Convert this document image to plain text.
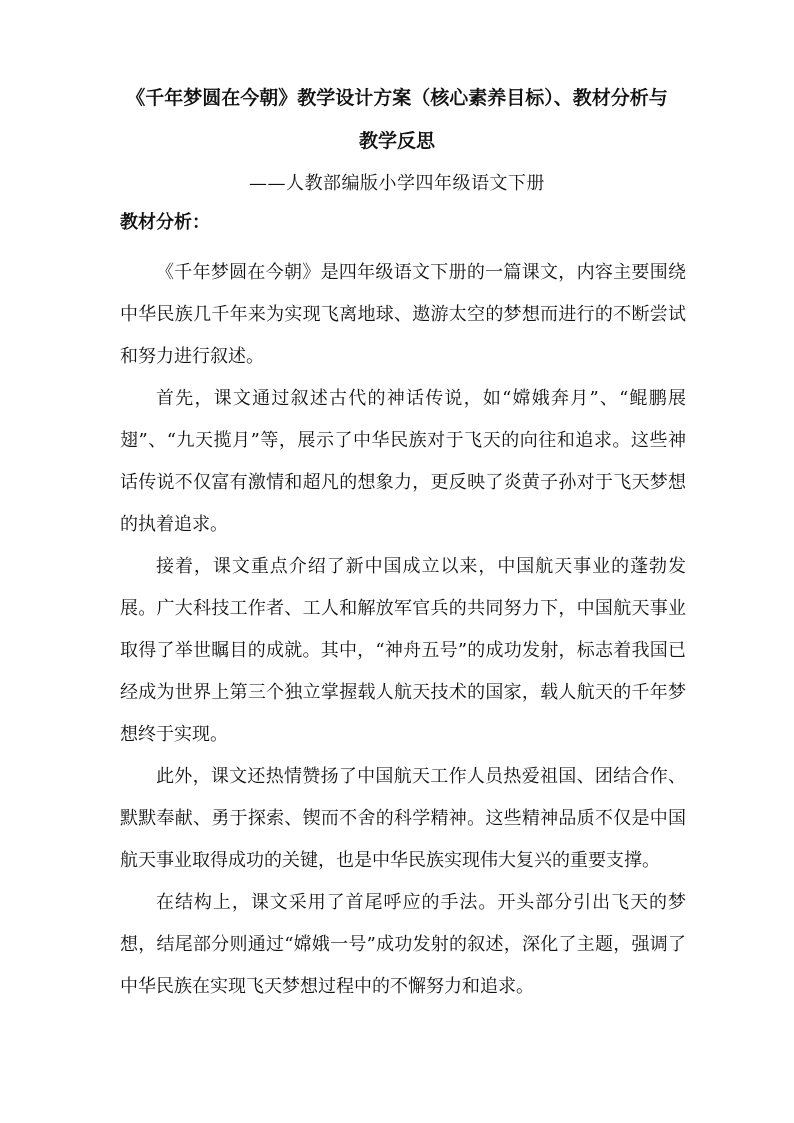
《千年梦圆在今朝》教学设计方案（核心素养目标）、教材分析与
教学反思
——人教部编版小学四年级语文下册
教材分析：

《千年梦圆在今朝》是四年级语文下册的一篇课文，内容主要围绕中华民族几千年来为实现飞离地球、遨游太空的梦想而进行的不断尝试和努力进行叙述。

首先，课文通过叙述古代的神话传说，如“嫦娥奔月”、“鲲鹏展翅”、“九天揽月”等，展示了中华民族对于飞天的向往和追求。这些神话传说不仅富有激情和超凡的想象力，更反映了炎黄子孙对于飞天梦想的执着追求。

接着，课文重点介绍了新中国成立以来，中国航天事业的蓬勃发展。广大科技工作者、工人和解放军官兵的共同努力下，中国航天事业取得了举世瞩目的成就。其中，“神舟五号”的成功发射，标志着我国已经成为世界上第三个独立掌握载人航天技术的国家，载人航天的千年梦想终于实现。

此外，课文还热情赞扬了中国航天工作人员热爱祖国、团结合作、默默奉献、勇于探索、锲而不舍的科学精神。这些精神品质不仅是中国航天事业取得成功的关键，也是中华民族实现伟大复兴的重要支撑。

在结构上，课文采用了首尾呼应的手法。开头部分引出飞天的梦想，结尾部分则通过“嫦娥一号”成功发射的叙述，深化了主题，强调了中华民族在实现飞天梦想过程中的不懈努力和追求。
